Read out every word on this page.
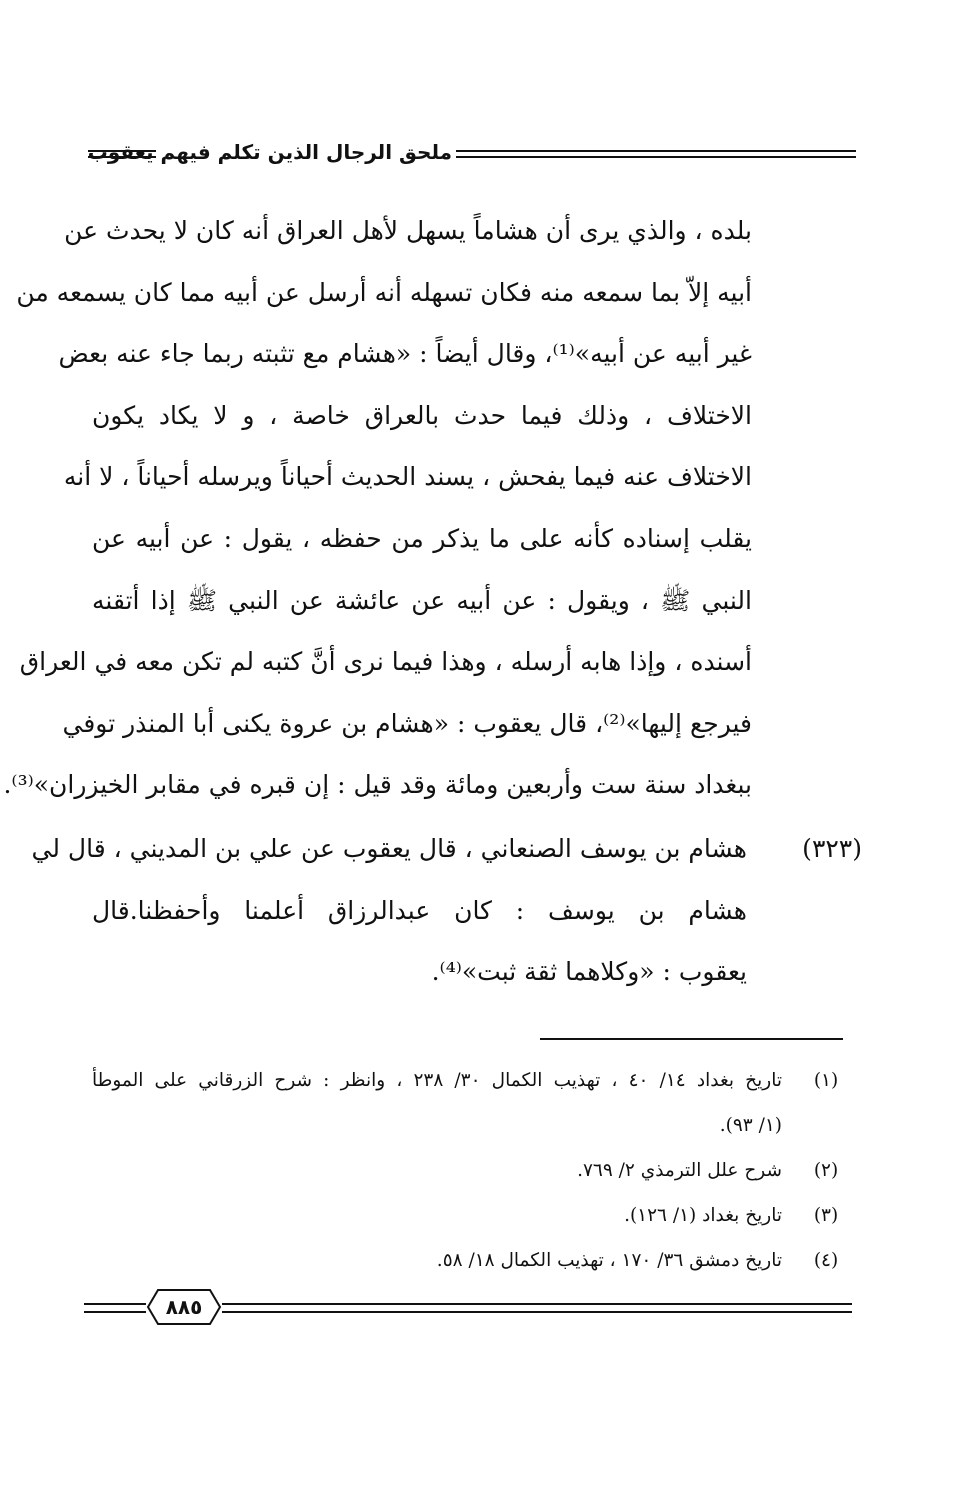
ملحق الرجال الذين تكلم فيهم يعقوب
بلده ، والذي يرى أن هشاماً يسهل لأهل العراق أنه كان لا يحدث عن
أبيه إلاّ بما سمعه منه فكان تسهله أنه أرسل عن أبيه مما كان يسمعه من
غير أبيه عن أبيه»⁽¹⁾، وقال أيضاً : «هشام مع تثبته ربما جاء عنه بعض
الاختلاف ، وذلك فيما حدث بالعراق خاصة ، و لا يكاد يكون
الاختلاف عنه فيما يفحش ، يسند الحديث أحياناً ويرسله أحياناً ، لا أنه
يقلب إسناده كأنه على ما يذكر من حفظه ، يقول : عن أبيه عن
النبي ﷺ ، ويقول : عن أبيه عن عائشة عن النبي ﷺ إذا أتقنه
أسنده ، وإذا هابه أرسله ، وهذا فيما نرى أنَّ كتبه لم تكن معه في العراق
فيرجع إليها»⁽²⁾، قال يعقوب : «هشام بن عروة يكنى أبا المنذر توفي
ببغداد سنة ست وأربعين ومائة وقد قيل : إن قبره في مقابر الخيزران»⁽³⁾.
(٣٢٣)
هشام بن يوسف الصنعاني ، قال يعقوب عن علي بن المديني ، قال لي
هشام بن يوسف : كان عبدالرزاق أعلمنا وأحفظنا.قال
يعقوب : «وكلاهما ثقة ثبت»⁽⁴⁾.
(١)
تاريخ بغداد ١٤/ ٤٠ ، تهذيب الكمال ٣٠/ ٢٣٨ ، وانظر : شرح الزرقاني على الموطأ
(١/ ٩٣).
(٢)
شرح علل الترمذي ٢/ ٧٦٩.
(٣)
تاريخ بغداد (١/ ١٢٦).
(٤)
تاريخ دمشق ٣٦/ ١٧٠ ، تهذيب الكمال ١٨/ ٥٨.
٨٨٥
